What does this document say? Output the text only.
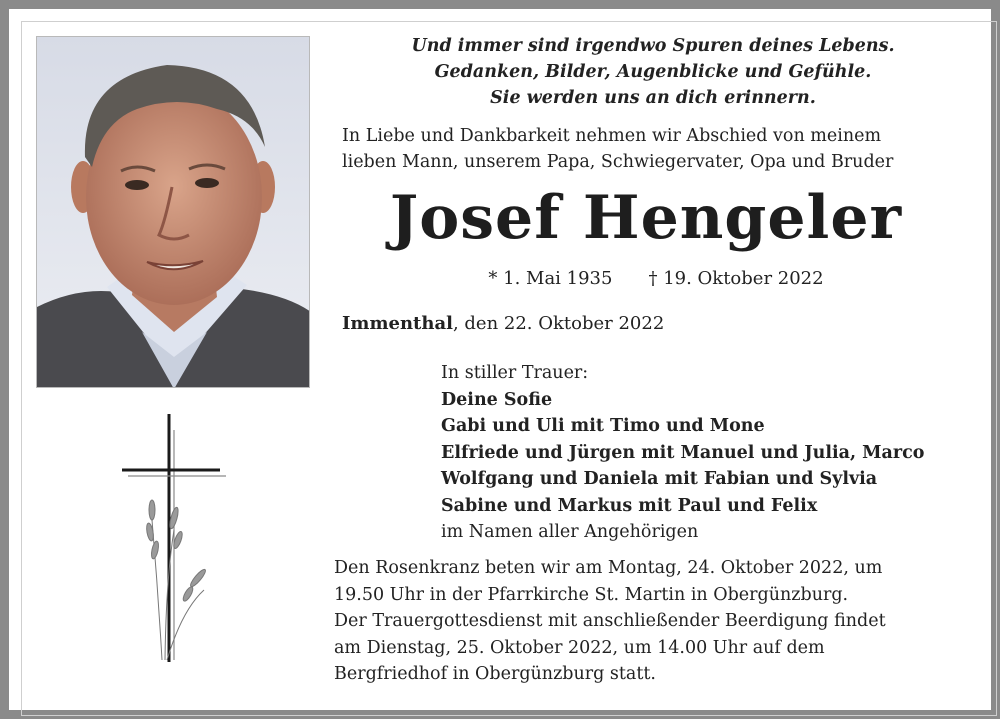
Und immer sind irgendwo Spuren deines Lebens.
Gedanken, Bilder, Augenblicke und Gefühle.
Sie werden uns an dich erinnern.
In Liebe und Dankbarkeit nehmen wir Abschied von meinem
lieben Mann, unserem Papa, Schwiegervater, Opa und Bruder
Josef Hengeler
* 1. Mai 1935 † 19. Oktober 2022
Immenthal, den 22. Oktober 2022
In stiller Trauer:
Deine Sofie
Gabi und Uli mit Timo und Mone
Elfriede und Jürgen mit Manuel und Julia, Marco
Wolfgang und Daniela mit Fabian und Sylvia
Sabine und Markus mit Paul und Felix
im Namen aller Angehörigen
Den Rosenkranz beten wir am Montag, 24. Oktober 2022, um
19.50 Uhr in der Pfarrkirche St. Martin in Obergünzburg.
Der Trauergottesdienst mit anschließender Beerdigung findet
am Dienstag, 25. Oktober 2022, um 14.00 Uhr auf dem
Bergfriedhof in Obergünzburg statt.
